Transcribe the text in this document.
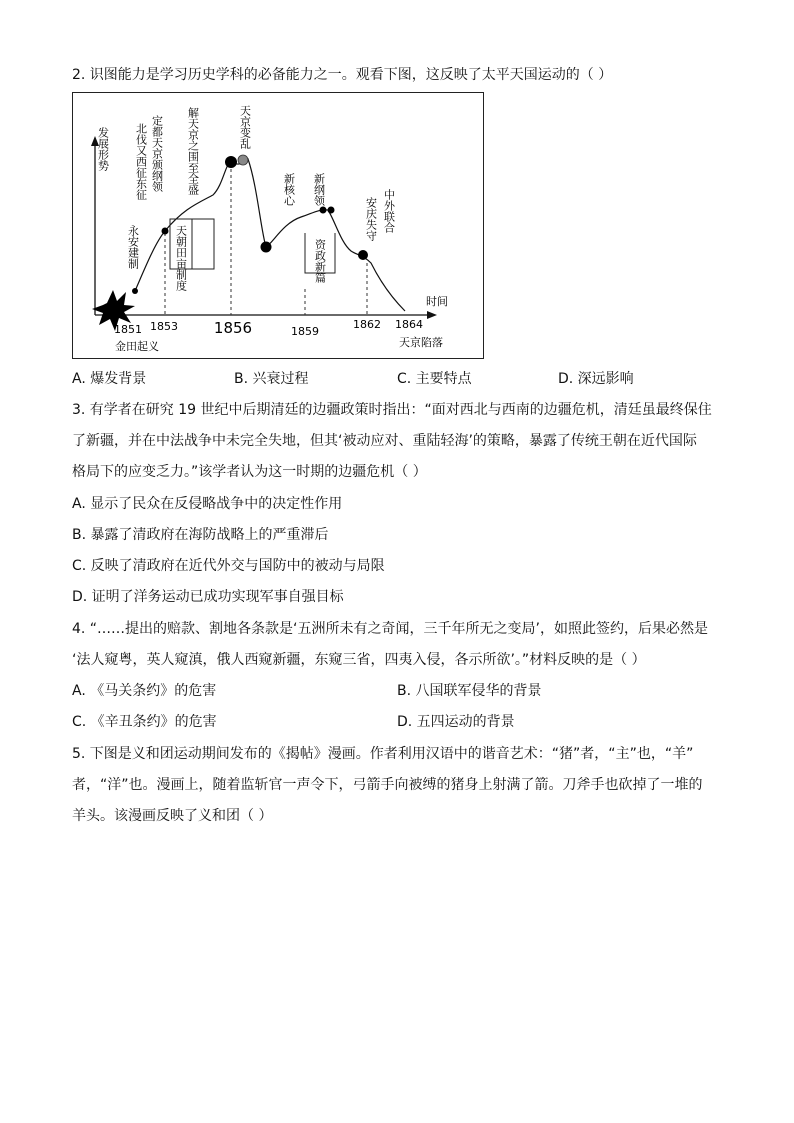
2. 识图能力是学习历史学科的必备能力之一。观看下图，这反映了太平天国运动的（ ）
发展形势
时间
永安建制
北伐又西征东征 定都天京颁纲领
天朝田亩制度
解天京之围至全盛	天京变乱
新核心 新纲领
资政新篇
安庆失守 中外联合
1851 1853 1856	1859
1862 1864
金田起义	天京陷落
A. 爆发背景	B. 兴衰过程	C. 主要特点	D. 深远影响
3. 有学者在研究 19 世纪中后期清廷的边疆政策时指出：“面对西北与西南的边疆危机，清廷虽最终保住
了新疆，并在中法战争中未完全失地，但其‘被动应对、重陆轻海’的策略，暴露了传统王朝在近代国际
格局下的应变乏力。”该学者认为这一时期的边疆危机（ ）
A. 显示了民众在反侵略战争中的决定性作用
B. 暴露了清政府在海防战略上的严重滞后
C. 反映了清政府在近代外交与国防中的被动与局限
D. 证明了洋务运动已成功实现军事自强目标
4. “……提出的赔款、割地各条款是‘五洲所未有之奇闻，三千年所无之变局’，如照此签约，后果必然是
‘法人窥粤，英人窥滇，俄人西窥新疆，东窥三省，四夷入侵，各示所欲’。”材料反映的是（ ）
A. 《马关条约》的危害	B. 八国联军侵华的背景
C. 《辛丑条约》的危害	D. 五四运动的背景
5. 下图是义和团运动期间发布的《揭帖》漫画。作者利用汉语中的谐音艺术：“猪”者，“主”也，“羊”
者，“洋”也。漫画上，随着监斩官一声令下，弓箭手向被缚的猪身上射满了箭。刀斧手也砍掉了一堆的
羊头。该漫画反映了义和团（ ）
